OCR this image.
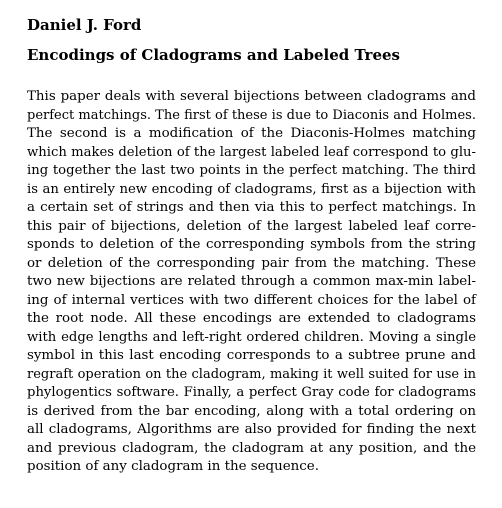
Daniel J. Ford
Encodings of Cladograms and Labeled Trees
This paper deals with several bijections between cladograms and
perfect matchings. The first of these is due to Diaconis and Holmes.
The second is a modification of the Diaconis-Holmes matching
which makes deletion of the largest labeled leaf correspond to glu-
ing together the last two points in the perfect matching. The third
is an entirely new encoding of cladograms, first as a bijection with
a certain set of strings and then via this to perfect matchings. In
this pair of bijections, deletion of the largest labeled leaf corre-
sponds to deletion of the corresponding symbols from the string
or deletion of the corresponding pair from the matching. These
two new bijections are related through a common max-min label-
ing of internal vertices with two different choices for the label of
the root node. All these encodings are extended to cladograms
with edge lengths and left-right ordered children. Moving a single
symbol in this last encoding corresponds to a subtree prune and
regraft operation on the cladogram, making it well suited for use in
phylogentics software. Finally, a perfect Gray code for cladograms
is derived from the bar encoding, along with a total ordering on
all cladograms, Algorithms are also provided for finding the next
and previous cladogram, the cladogram at any position, and the
position of any cladogram in the sequence.
